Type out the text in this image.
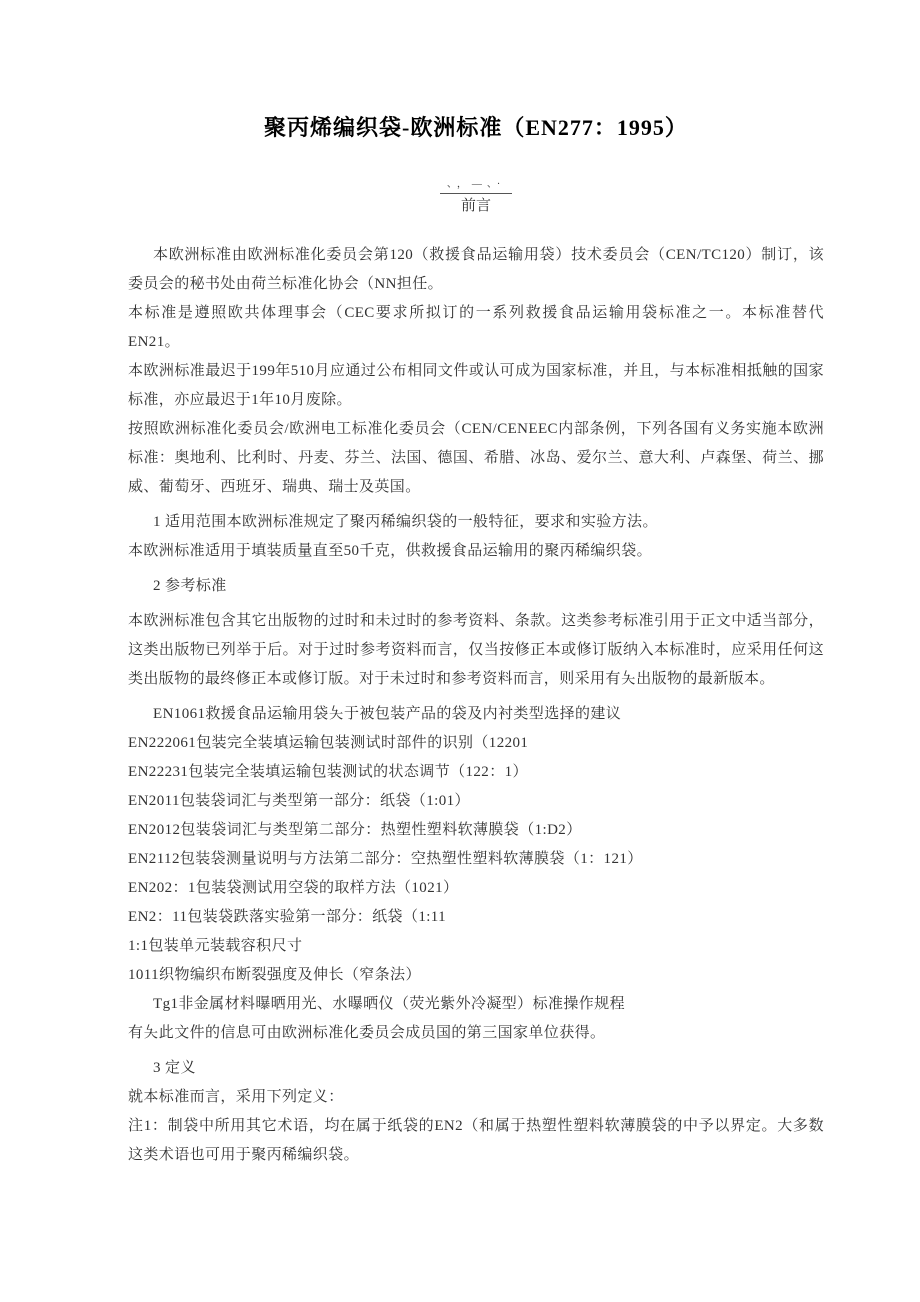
聚丙烯编织袋-欧洲标准（EN277：1995）
、，—、·
前言

本欧洲标准由欧洲标准化委员会第120（救援食品运输用袋）技术委员会（CEN/TC120）制订，该委员会的秘书处由荷兰标准化协会（NN担任。

本标准是遵照欧共体理事会（CEC要求所拟订的一系列救援食品运输用袋标准之一。本标准替代EN21。

本欧洲标准最迟于199年510月应通过公布相同文件或认可成为国家标准，并且，与本标准相抵触的国家标准，亦应最迟于1年10月废除。

按照欧洲标准化委员会/欧洲电工标准化委员会（CEN/CENEEC内部条例，下列各国有义务实施本欧洲标准：奥地利、比利时、丹麦、芬兰、法国、德国、希腊、冰岛、爱尔兰、意大利、卢森堡、荷兰、挪威、葡萄牙、西班牙、瑞典、瑞士及英国。

1 适用范围本欧洲标准规定了聚丙稀编织袋的一般特征，要求和实验方法。

本欧洲标准适用于填装质量直至50千克，供救援食品运输用的聚丙稀编织袋。

2 参考标准

本欧洲标准包含其它出版物的过时和未过时的参考资料、条款。这类参考标准引用于正文中适当部分，这类出版物已列举于后。对于过时参考资料而言，仅当按修正本或修订版纳入本标准时，应采用任何这类出版物的最终修正本或修订版。对于未过时和参考资料而言，则采用有夨出版物的最新版本。

EN1061救援食品运输用袋夨于被包装产品的袋及内衬类型选择的建议

EN222061包装完全装填运输包装测试时部件的识别（12201

EN22231包装完全装填运输包装测试的状态调节（122：1）

EN2011包装袋词汇与类型第一部分：纸袋（1:01）

EN2012包装袋词汇与类型第二部分：热塑性塑料软薄膜袋（1:D2）

EN2112包装袋测量说明与方法第二部分：空热塑性塑料软薄膜袋（1：121）

EN202：1包装袋测试用空袋的取样方法（1021）

EN2：11包装袋跌落实验第一部分：纸袋（1:11

1:1包装单元装载容积尺寸

1011织物编织布断裂强度及伸长（窄条法）

Tg1非金属材料曝晒用光、水曝晒仪（荧光紫外冷凝型）标准操作规程

有夨此文件的信息可由欧洲标准化委员会成员国的第三国家单位获得。

3 定义

就本标准而言，采用下列定义：

注1：制袋中所用其它术语，均在属于纸袋的EN2（和属于热塑性塑料软薄膜袋的中予以界定。大多数这类术语也可用于聚丙稀编织袋。
